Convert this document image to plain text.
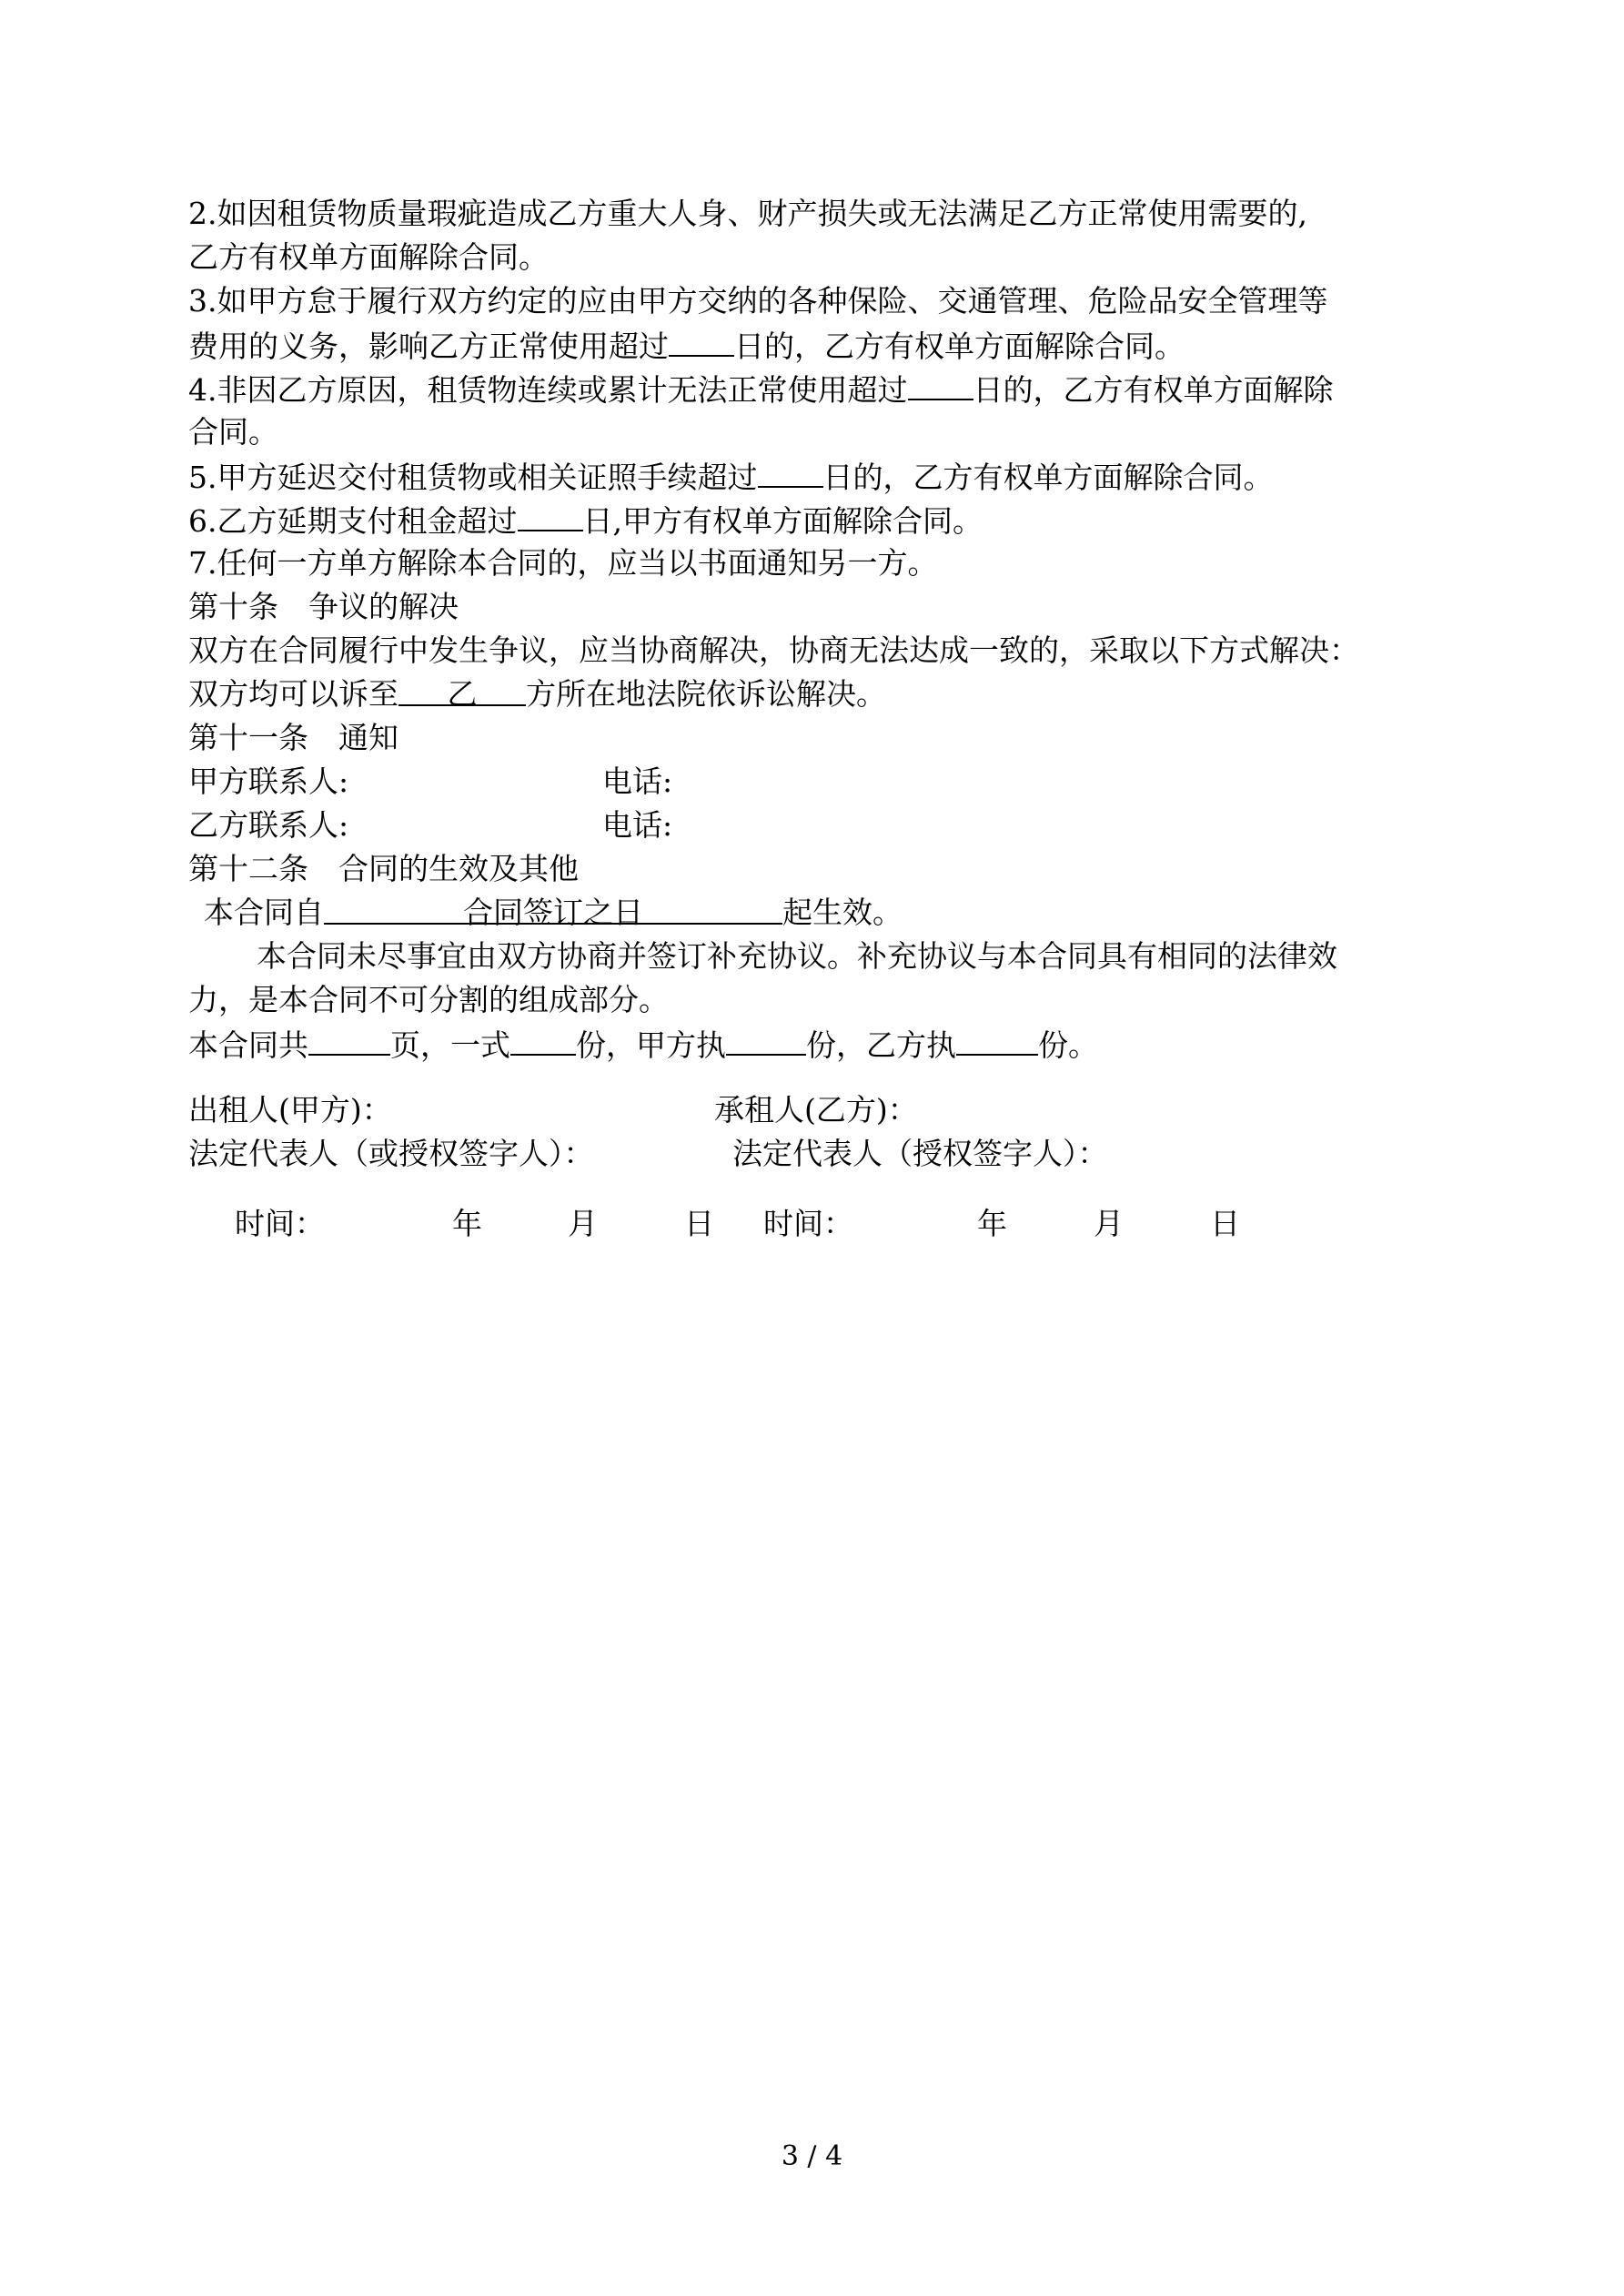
2.如因租赁物质量瑕疵造成乙方重大人身、财产损失或无法满足乙方正常使用需要的,
乙方有权单方面解除合同。
3.如甲方怠于履行双方约定的应由甲方交纳的各种保险、交通管理、危险品安全管理等
费用的义务，影响乙方正常使用超过 日的，乙方有权单方面解除合同。
4.非因乙方原因，租赁物连续或累计无法正常使用超过 日的，乙方有权单方面解除
合同。
5.甲方延迟交付租赁物或相关证照手续超过 日的，乙方有权单方面解除合同。
6.乙方延期支付租金超过 日,甲方有权单方面解除合同。
7.任何一方单方解除本合同的，应当以书面通知另一方。
第十条　争议的解决
双方在合同履行中发生争议，应当协商解决，协商无法达成一致的，采取以下方式解决：
双方均可以诉至 乙 方所在地法院依诉讼解决。
第十一条　通知
甲方联系人:	电话:
乙方联系人:	电话:
第十二条　合同的生效及其他
本合同自	合同签订之日	起生效。
本合同未尽事宜由双方协商并签订补充协议。补充协议与本合同具有相同的法律效
力，是本合同不可分割的组成部分。
本合同共	页，一式 份，甲方执	份，乙方执	份。
出租人(甲方)：	承租人(乙方)：
法定代表人（或授权签字人）：	法定代表人（授权签字人）：
时间：	年	月	日 时间：	年	月	日
3 / 4
